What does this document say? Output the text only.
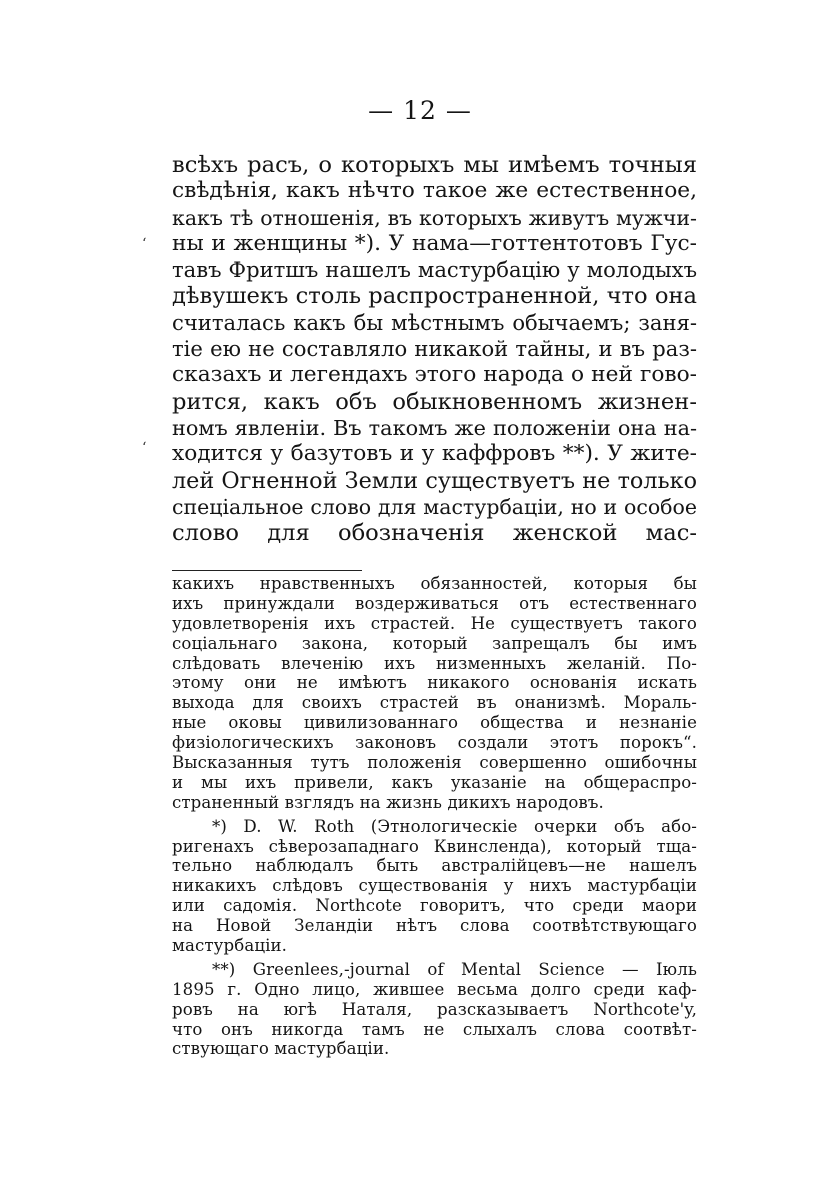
— 12 —
‘
‘
всѣхъ расъ, о которыхъ мы имѣемъ точныя
свѣдѣнія, какъ нѣчто такое же естественное,
какъ тѣ отношенія, въ которыхъ живутъ мужчи-
ны и женщины *). У нама—готтентотовъ Гус-
тавъ Фритшъ нашелъ мастурбацію у молодыхъ
дѣвушекъ столь распространенной, что она
считалась какъ бы мѣстнымъ обычаемъ; заня-
тіе ею не составляло никакой тайны, и въ раз-
сказахъ и легендахъ этого народа о ней гово-
рится, какъ объ обыкновенномъ жизнен-
номъ явленіи. Въ такомъ же положеніи она на-
ходится у базутовъ и у каффровъ **). У жите-
лей Огненной Земли существуетъ не только
спеціальное слово для мастурбаціи, но и особое
слово для обозначенія женской мас-
какихъ нравственныхъ обязанностей, которыя бы
ихъ принуждали воздерживаться отъ естественнаго
удовлетворенія ихъ страстей. Не существуетъ такого
соціальнаго закона, который запрещалъ бы имъ
слѣдовать влеченію ихъ низменныхъ желаній. По-
этому они не имѣютъ никакого основанія искать
выхода для своихъ страстей въ онанизмѣ. Мораль-
ные оковы цивилизованнаго общества и незнаніе
физіологическихъ законовъ создали этотъ порокъ“.
Высказанныя тутъ положенія совершенно ошибочны
и мы ихъ привели, какъ указаніе на общераспро-
страненный взглядъ на жизнь дикихъ народовъ.
*) D. W. Roth (Этнологическіе очерки объ або-
ригенахъ сѣверозападнаго Квинсленда), который тща-
тельно наблюдалъ быть австралійцевъ—не нашелъ
никакихъ слѣдовъ существованія у нихъ мастурбаціи
или садомія. Northcote говоритъ, что среди маори
на Новой Зеландіи нѣтъ слова соотвѣтствующаго
мастурбаціи.
**) Greenlees,-journal of Mental Science — Іюль
1895 г. Одно лицо, жившее весьма долго среди каф-
ровъ на югѣ Наталя, разсказываетъ Northcote'y,
что онъ никогда тамъ не слыхалъ слова соотвѣт-
ствующаго мастурбаціи.
